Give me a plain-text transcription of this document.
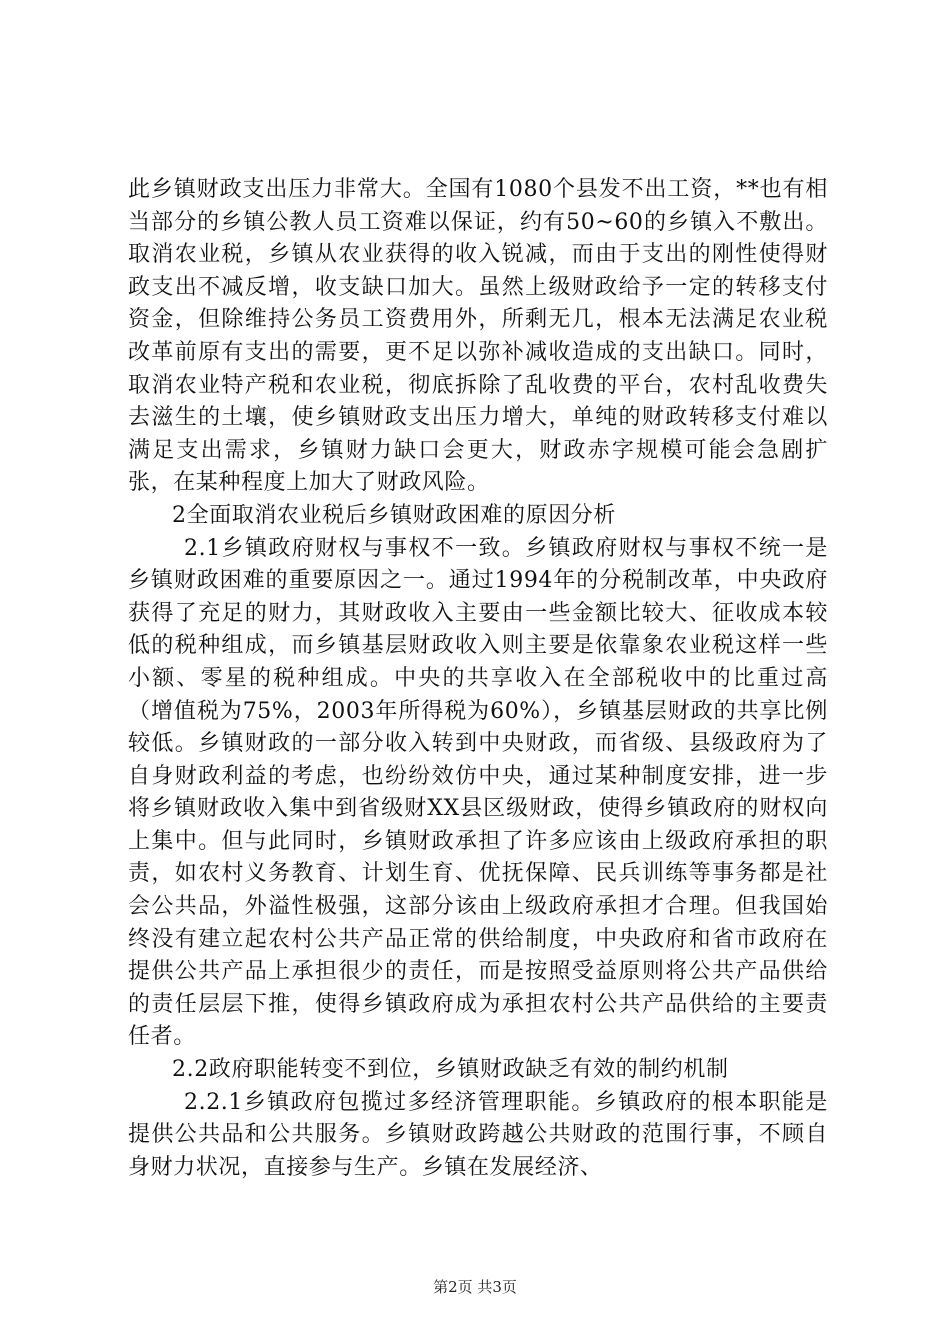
此乡镇财政支出压力非常大。全国有1080个县发不出工资，**也有相当部分的乡镇公教人员工资难以保证，约有50~60的乡镇入不敷出。取消农业税，乡镇从农业获得的收入锐减，而由于支出的刚性使得财政支出不减反增，收支缺口加大。虽然上级财政给予一定的转移支付资金，但除维持公务员工资费用外，所剩无几，根本无法满足农业税改革前原有支出的需要，更不足以弥补减收造成的支出缺口。同时，取消农业特产税和农业税，彻底拆除了乱收费的平台，农村乱收费失去滋生的土壤，使乡镇财政支出压力增大，单纯的财政转移支付难以满足支出需求，乡镇财力缺口会更大，财政赤字规模可能会急剧扩张，在某种程度上加大了财政风险。

2全面取消农业税后乡镇财政困难的原因分析

2.1乡镇政府财权与事权不一致。乡镇政府财权与事权不统一是乡镇财政困难的重要原因之一。通过1994年的分税制改革，中央政府获得了充足的财力，其财政收入主要由一些金额比较大、征收成本较低的税种组成，而乡镇基层财政收入则主要是依靠象农业税这样一些小额、零星的税种组成。中央的共享收入在全部税收中的比重过高（增值税为75%，2003年所得税为60%），乡镇基层财政的共享比例较低。乡镇财政的一部分收入转到中央财政，而省级、县级政府为了自身财政利益的考虑，也纷纷效仿中央，通过某种制度安排，进一步将乡镇财政收入集中到省级财XX县区级财政，使得乡镇政府的财权向上集中。但与此同时，乡镇财政承担了许多应该由上级政府承担的职责，如农村义务教育、计划生育、优抚保障、民兵训练等事务都是社会公共品，外溢性极强，这部分该由上级政府承担才合理。但我国始终没有建立起农村公共产品正常的供给制度，中央政府和省市政府在提供公共产品上承担很少的责任，而是按照受益原则将公共产品供给的责任层层下推，使得乡镇政府成为承担农村公共产品供给的主要责任者。

2.2政府职能转变不到位，乡镇财政缺乏有效的制约机制

2.2.1乡镇政府包揽过多经济管理职能。乡镇政府的根本职能是提供公共品和公共服务。乡镇财政跨越公共财政的范围行事，不顾自身财力状况，直接参与生产。乡镇在发展经济、

第2页 共3页
